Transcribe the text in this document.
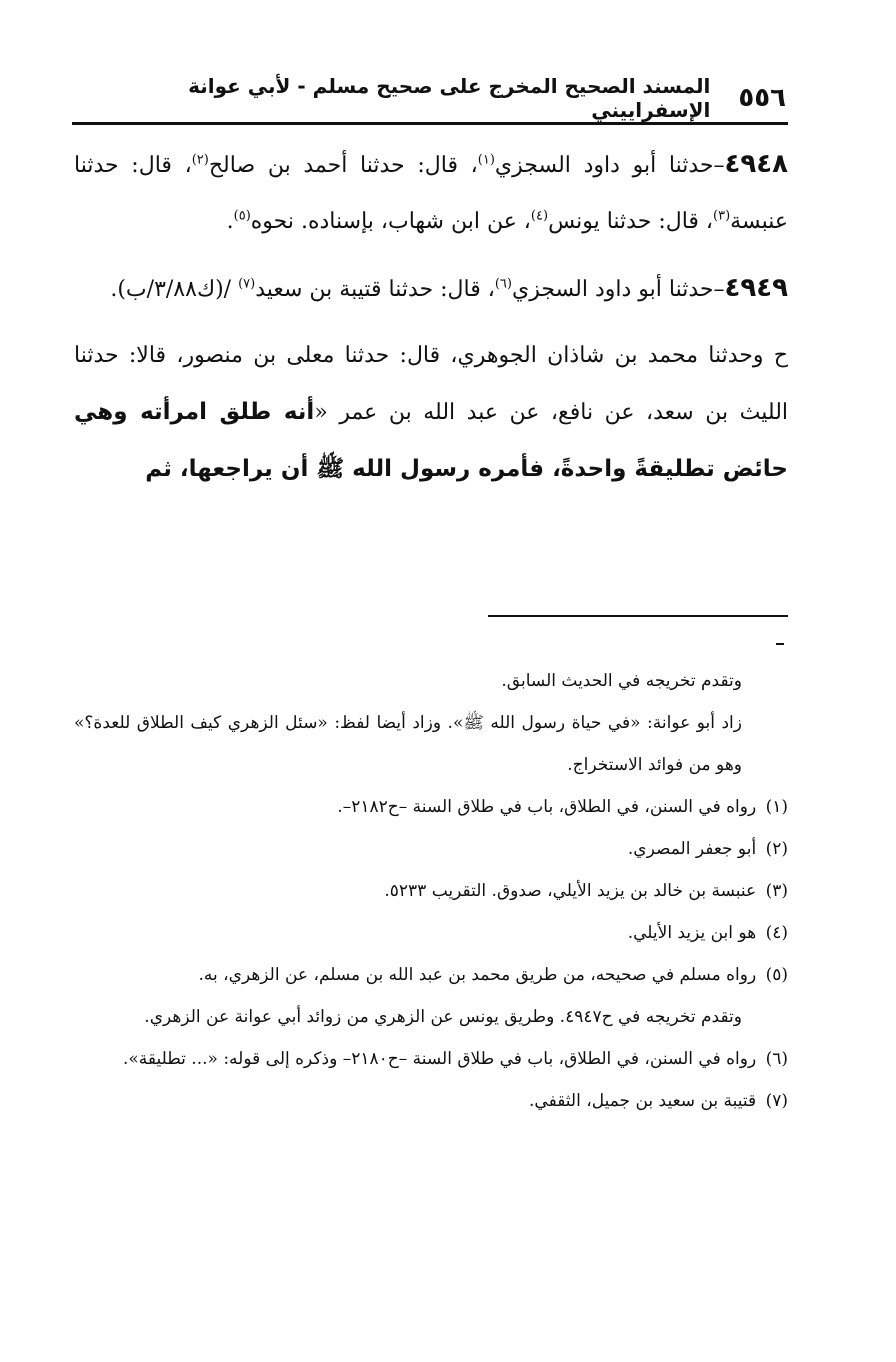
٥٥٦
المسند الصحيح المخرج على صحيح مسلم - لأبي عوانة الإسفراييني

٤٩٤٨–حدثنا أبو داود السجزي$^{(١)}$، قال: حدثنا أحمد بن صالح$^{(٢)}$، قال: حدثنا عنبسة$^{(٣)}$، قال: حدثنا يونس$^{(٤)}$، عن ابن شهاب، بإسناده. نحوه$^{(٥)}$.

٤٩٤٩–حدثنا أبو داود السجزي$^{(٦)}$، قال: حدثنا قتيبة بن سعيد$^{(٧)}$ /(ك٣/٨٨/ب).

ح وحدثنا محمد بن شاذان الجوهري، قال: حدثنا معلى بن منصور، قالا: حدثنا الليث بن سعد، عن نافع، عن عبد الله بن عمر «أنه طلق امرأته وهي حائض تطليقةً واحدةً، فأمره رسول الله ﷺ أن يراجعها، ثم

وتقدم تخريجه في الحديث السابق.

زاد أبو عوانة: «في حياة رسول الله ﷺ». وزاد أيضا لفظ: «سئل الزهري كيف الطلاق للعدة؟» وهو من فوائد الاستخراج.

(١) رواه في السنن، في الطلاق، باب في طلاق السنة –ح٢١٨٢–.

(٢) أبو جعفر المصري.

(٣) عنبسة بن خالد بن يزيد الأيلي، صدوق. التقريب ٥٢٣٣.

(٤) هو ابن يزيد الأيلي.

(٥) رواه مسلم في صحيحه، من طريق محمد بن عبد الله بن مسلم، عن الزهري، به.

وتقدم تخريجه في ح٤٩٤٧. وطريق يونس عن الزهري من زوائد أبي عوانة عن الزهري.

(٦) رواه في السنن، في الطلاق، باب في طلاق السنة –ح٢١٨٠– وذكره إلى قوله: «... تطليقة».

(٧) قتيبة بن سعيد بن جميل، الثقفي.
